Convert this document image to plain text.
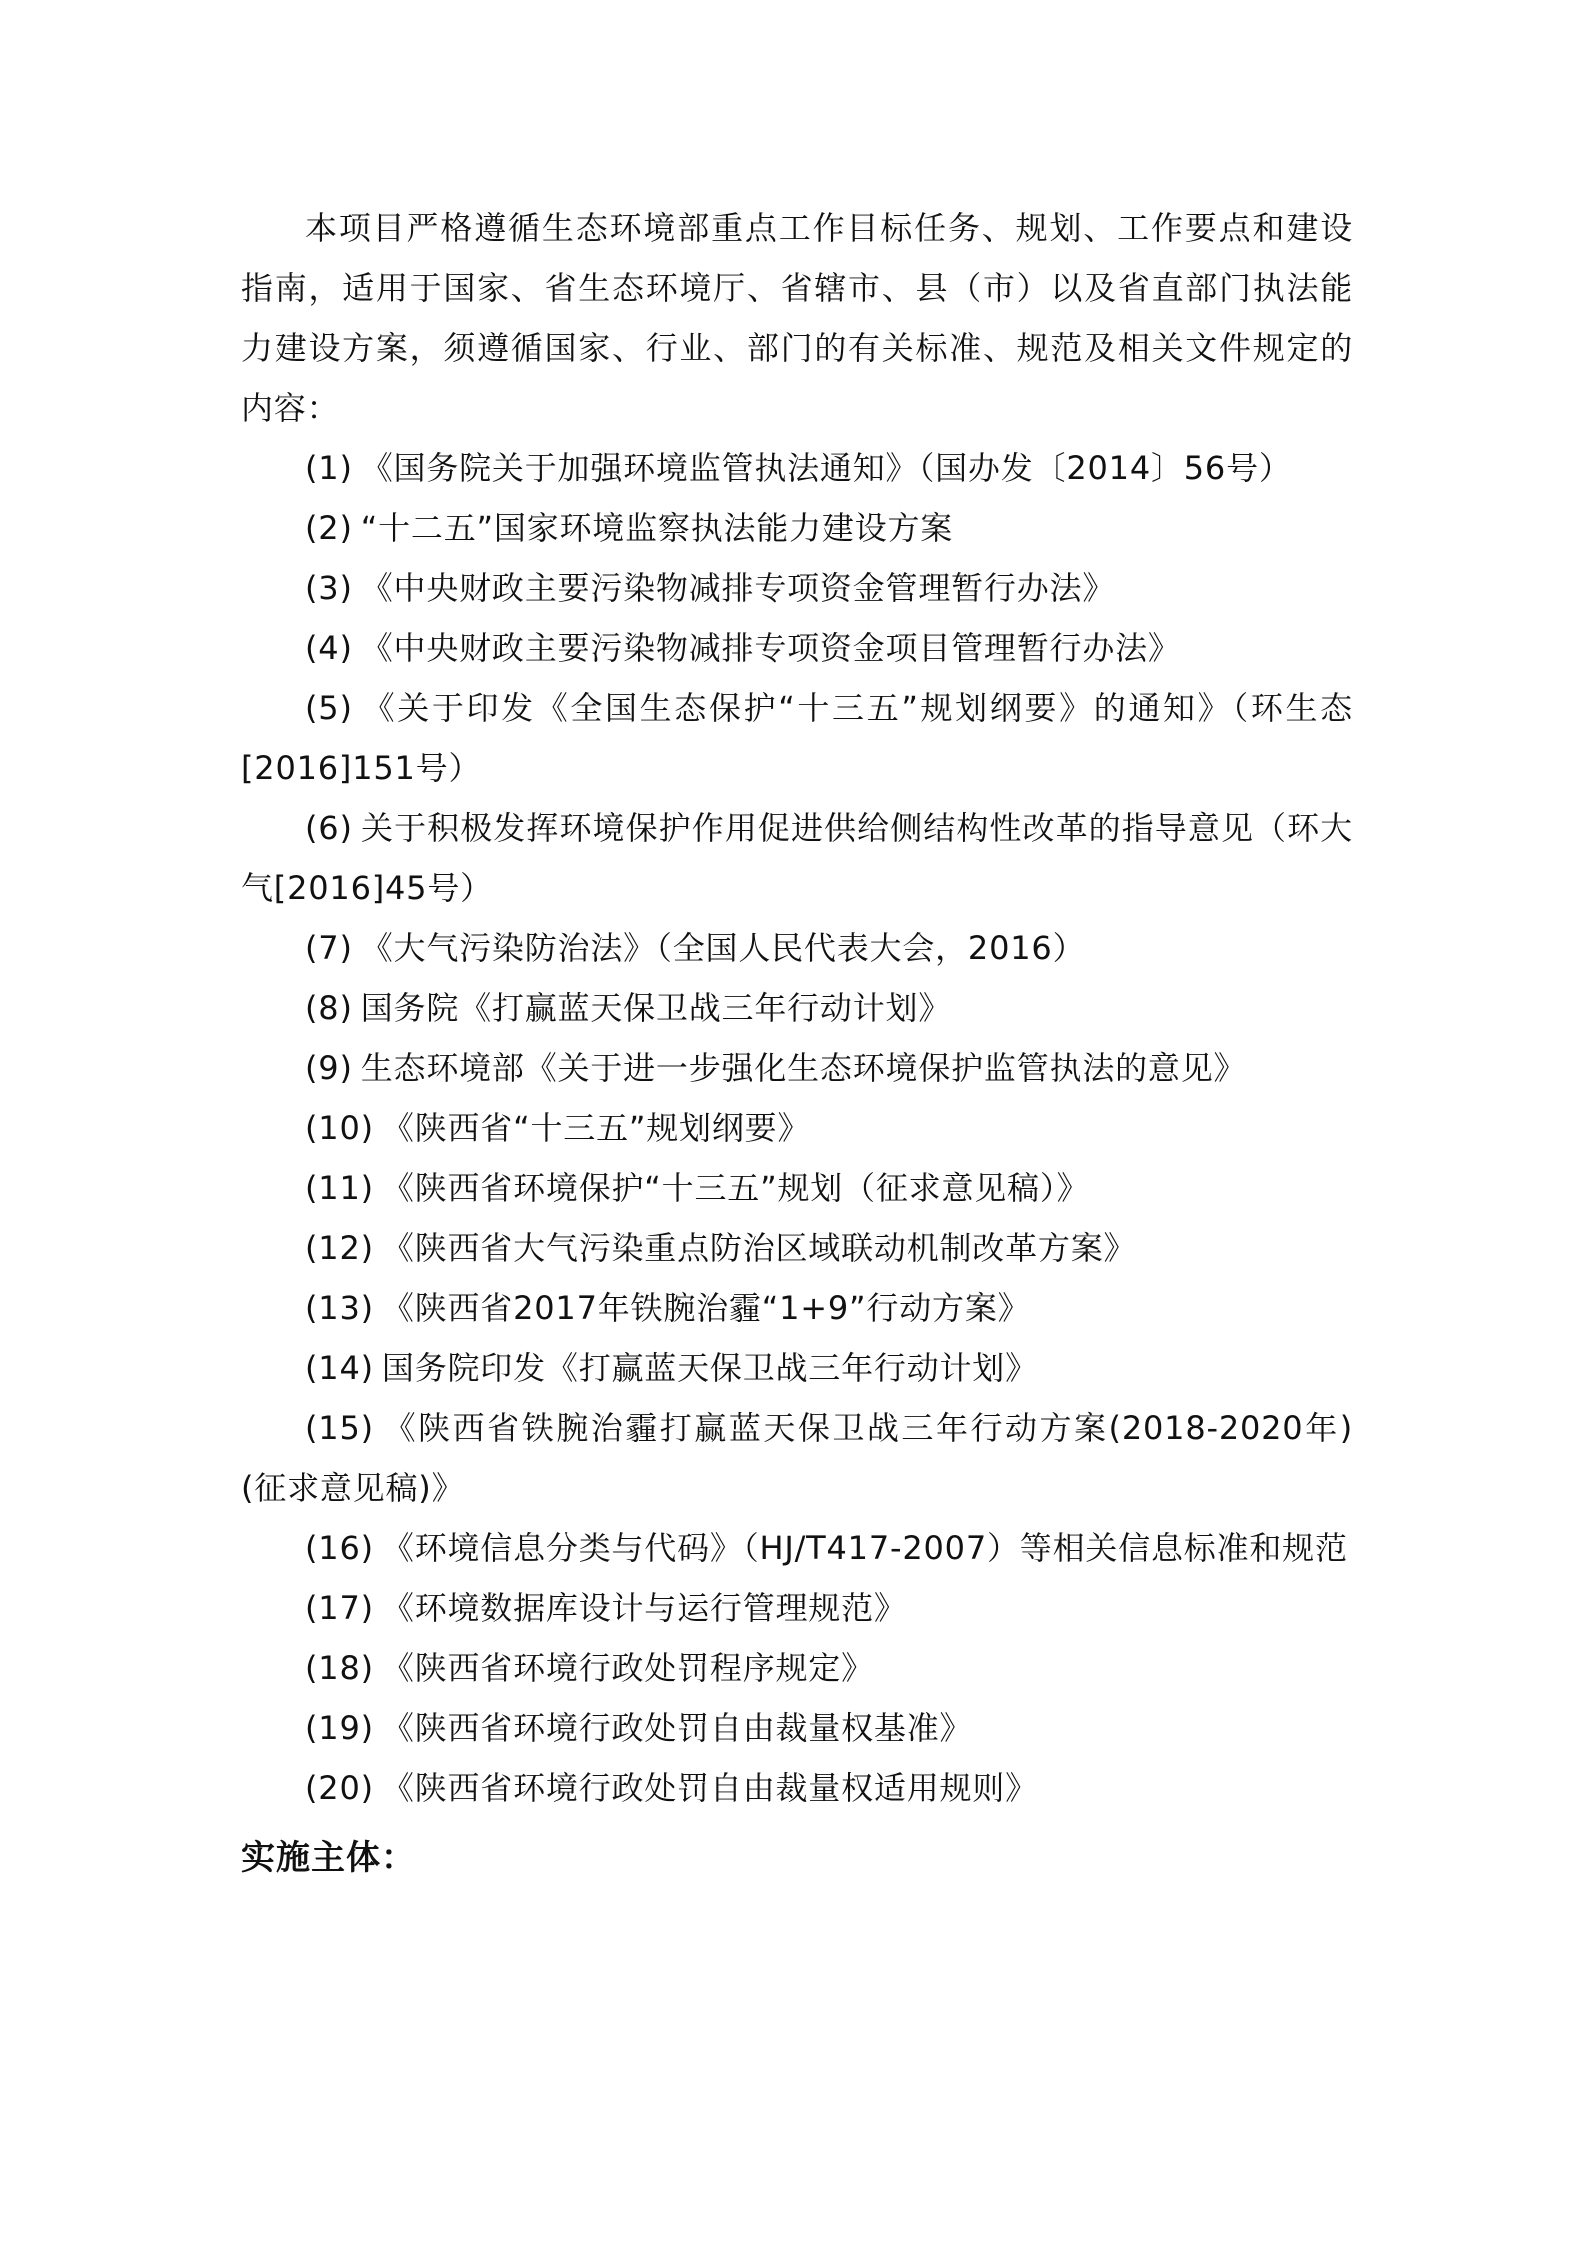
本项目严格遵循生态环境部重点工作目标任务、规划、工作要点和建设指南，适用于国家、省生态环境厅、省辖市、县（市）以及省直部门执法能力建设方案，须遵循国家、行业、部门的有关标准、规范及相关文件规定的内容：

(1) 《国务院关于加强环境监管执法通知》（国办发〔2014〕56号）

(2) “十二五”国家环境监察执法能力建设方案

(3) 《中央财政主要污染物减排专项资金管理暂行办法》

(4) 《中央财政主要污染物减排专项资金项目管理暂行办法》

(5) 《关于印发《全国生态保护“十三五”规划纲要》的通知》（环生态[2016]151号）

(6) 关于积极发挥环境保护作用促进供给侧结构性改革的指导意见（环大气[2016]45号）

(7) 《大气污染防治法》（全国人民代表大会，2016）

(8) 国务院《打赢蓝天保卫战三年行动计划》

(9) 生态环境部《关于进一步强化生态环境保护监管执法的意见》

(10) 《陕西省“十三五”规划纲要》

(11) 《陕西省环境保护“十三五”规划（征求意见稿）》

(12) 《陕西省大气污染重点防治区域联动机制改革方案》

(13) 《陕西省2017年铁腕治霾“1+9”行动方案》

(14) 国务院印发《打赢蓝天保卫战三年行动计划》

(15) 《陕西省铁腕治霾打赢蓝天保卫战三年行动方案(2018-2020年)(征求意见稿)》

(16) 《环境信息分类与代码》（HJ/T417-2007）等相关信息标准和规范

(17) 《环境数据库设计与运行管理规范》

(18) 《陕西省环境行政处罚程序规定》

(19) 《陕西省环境行政处罚自由裁量权基准》

(20) 《陕西省环境行政处罚自由裁量权适用规则》

实施主体：
